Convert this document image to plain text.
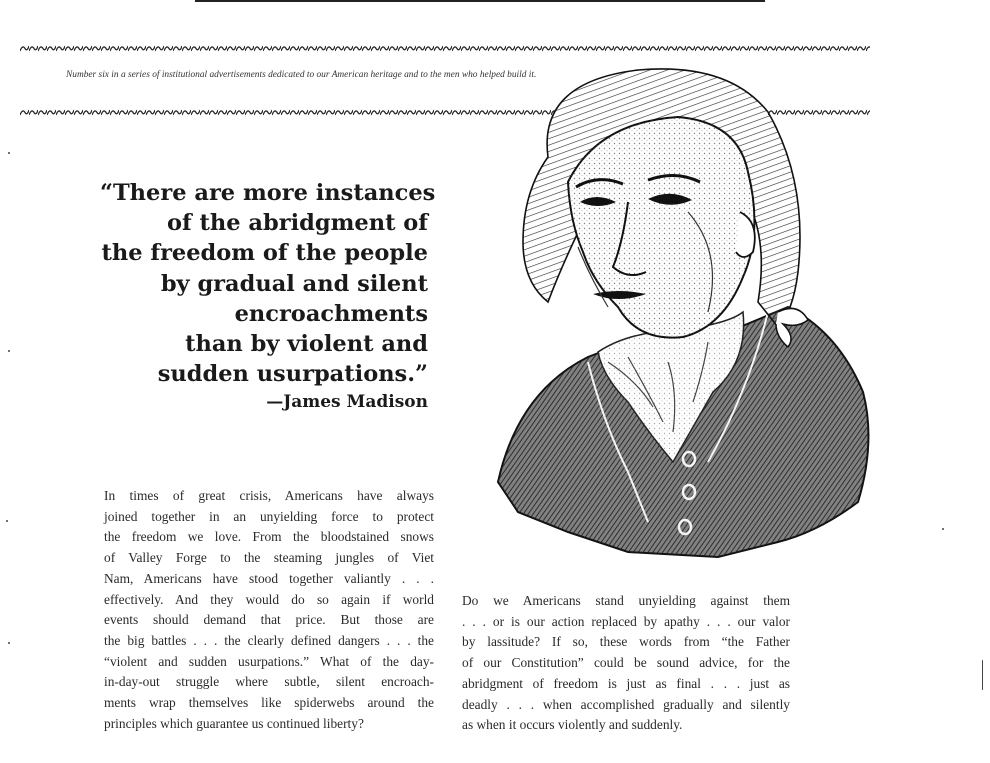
Number six in a series of institutional advertisements dedicated to our American heritage and to the men who helped build it.
“There are more instances
of the abridgment of
the freedom of the people
by gradual and silent
encroachments
than by violent and
sudden usurpations.”
—James Madison
In times of great crisis, Americans have always
joined together in an unyielding force to protect
the freedom we love. From the bloodstained snows
of Valley Forge to the steaming jungles of Viet
Nam, Americans have stood together valiantly . . .
effectively. And they would do so again if world
events should demand that price. But those are
the big battles . . . the clearly defined dangers . . . the
“violent and sudden usurpations.” What of the day-
in-day-out struggle where subtle, silent encroach-
ments wrap themselves like spiderwebs around the
principles which guarantee us continued liberty?
Do we Americans stand unyielding against them
. . . or is our action replaced by apathy . . . our valor
by lassitude? If so, these words from “the Father
of our Constitution” could be sound advice, for the
abridgment of freedom is just as final . . . just as
deadly . . . when accomplished gradually and silently
as when it occurs violently and suddenly.
